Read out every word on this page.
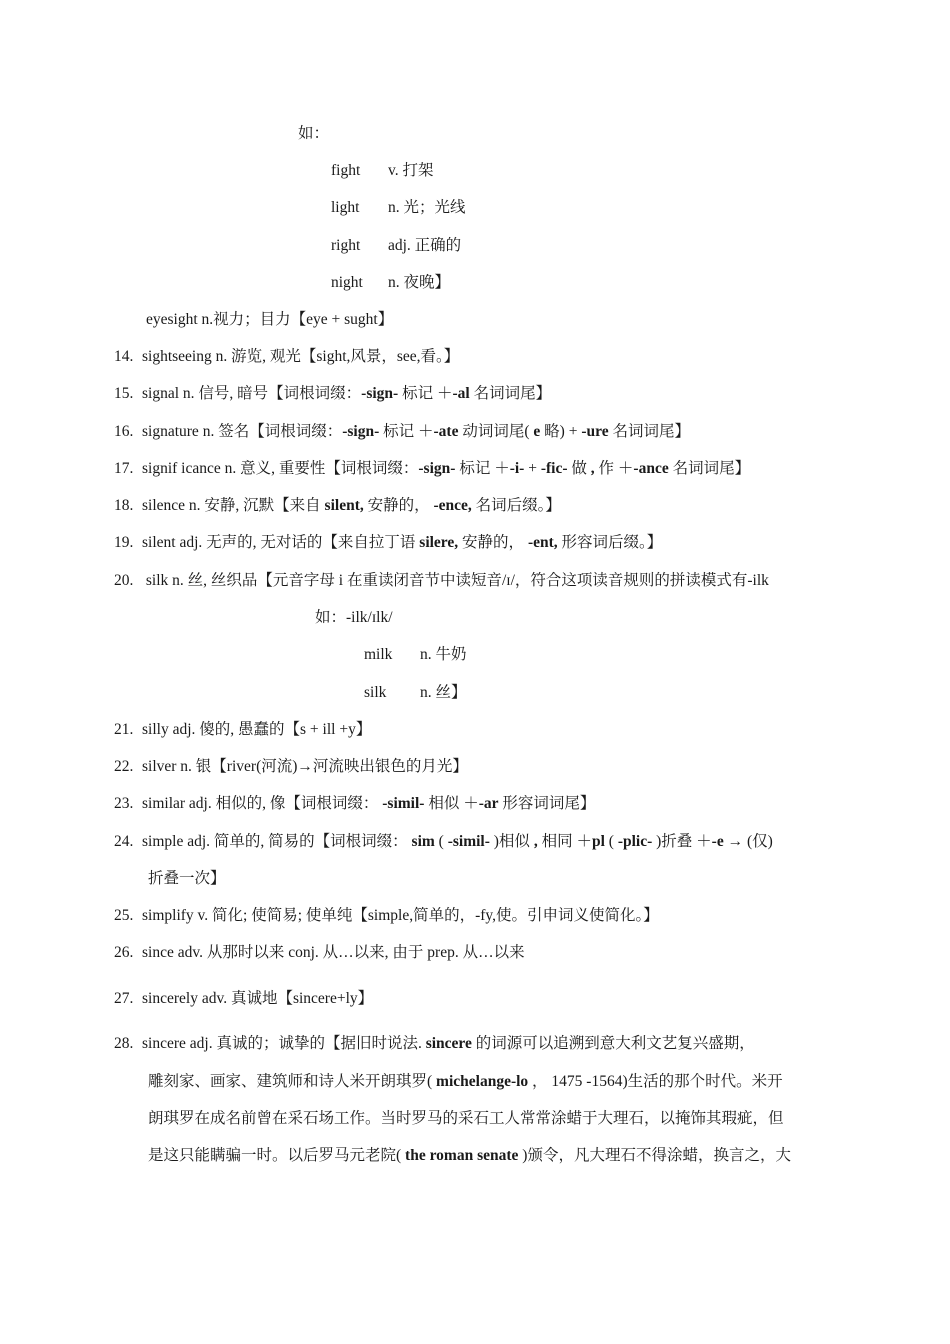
如：
fight v. 打架
light n. 光；光线
right adj. 正确的
night n. 夜晚】
eyesight n.视力；目力【eye + sught】
14. sightseeing n. 游览, 观光【sight,风景，see,看。】
15. signal n. 信号, 暗号【词根词缀：-sign- 标记 ＋-al 名词词尾】
16. signature n. 签名【词根词缀：-sign- 标记 ＋-ate 动词词尾( e 略) + -ure 名词词尾】
17. signif icance n. 意义, 重要性【词根词缀：-sign- 标记 ＋-i- + -fic- 做 , 作 ＋-ance 名词词尾】
18. silence n. 安静, 沉默【来自 silent, 安静的， -ence, 名词后缀。】
19. silent adj. 无声的, 无对话的【来自拉丁语 silere, 安静的， -ent, 形容词后缀。】
20. silk n. 丝, 丝织品【元音字母 i 在重读闭音节中读短音/ɪ/，符合这项读音规则的拼读模式有-ilk
如：-ilk/ɪlk/
milk n. 牛奶
silk n. 丝】
21. silly adj. 傻的, 愚蠢的【s + ill +y】
22. silver n. 银【river(河流)→河流映出银色的月光】
23. similar adj. 相似的, 像【词根词缀： -simil- 相似 ＋-ar 形容词词尾】
24. simple adj. 简单的, 简易的【词根词缀： sim ( -simil- )相似 , 相同 ＋pl ( -plic- )折叠 ＋-e → (仅)
折叠一次】
25. simplify v. 简化; 使简易; 使单纯【simple,简单的，-fy,使。引申词义使简化。】
26. since adv. 从那时以来 conj. 从…以来, 由于 prep. 从…以来
27. sincerely adv. 真诚地【sincere+ly】
28. sincere adj. 真诚的；诚挚的【据旧时说法. sincere 的词源可以追溯到意大利文艺复兴盛期，
雕刻家、画家、建筑师和诗人米开朗琪罗( michelange-lo ， 1475 -1564)生活的那个时代。米开
朗琪罗在成名前曾在采石场工作。当时罗马的采石工人常常涂蜡于大理石，以掩饰其瑕疵，但
是这只能瞒骗一时。以后罗马元老院( the roman senate )颁令，凡大理石不得涂蜡，换言之，大
